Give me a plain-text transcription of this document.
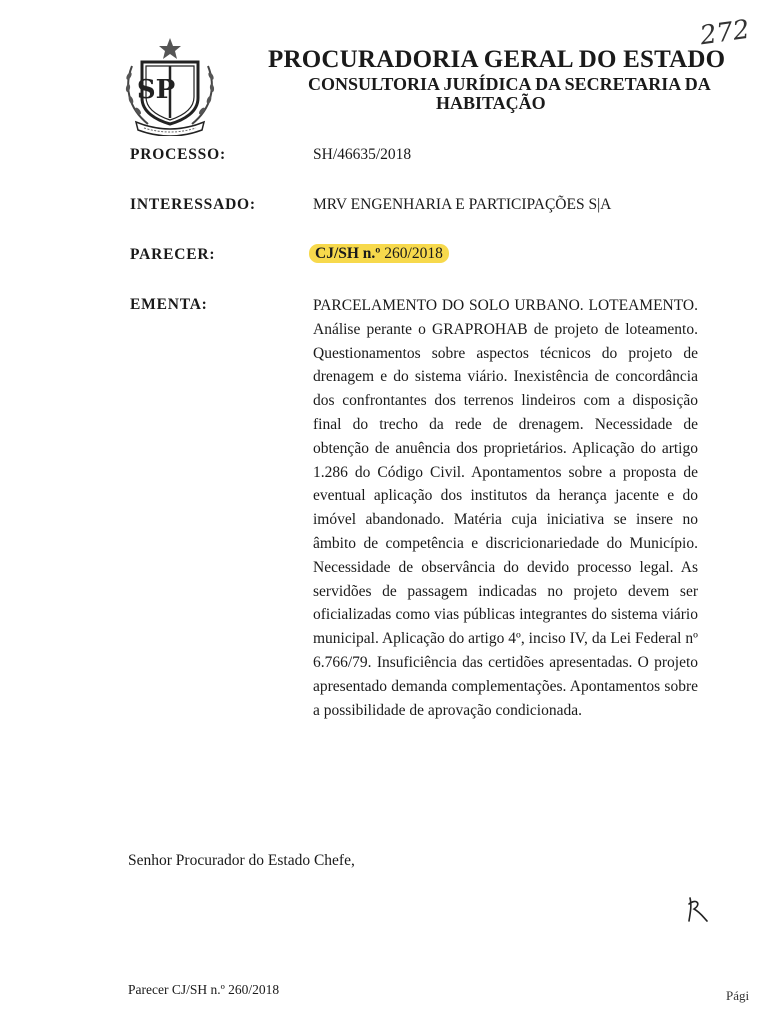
272
SP
PROCURADORIA GERAL DO ESTADO
CONSULTORIA JURÍDICA DA SECRETARIA DA
HABITAÇÃO
PROCESSO:	SH/46635/2018
INTERESSADO:	MRV ENGENHARIA E PARTICIPAÇÕES S|A
PARECER:	CJ/SH n.º 260/2018
EMENTA:	PARCELAMENTO DO SOLO URBANO. LOTEAMENTO. Análise perante o GRAPROHAB de projeto de loteamento. Questionamentos sobre aspectos técnicos do projeto de drenagem e do sistema viário. Inexistência de concordância dos confrontantes dos terrenos lindeiros com a disposição final do trecho da rede de drenagem. Necessidade de obtenção de anuência dos proprietários. Aplicação do artigo 1.286 do Código Civil. Apontamentos sobre a proposta de eventual aplicação dos institutos da herança jacente e do imóvel abandonado. Matéria cuja iniciativa se insere no âmbito de competência e discricionariedade do Município. Necessidade de observância do devido processo legal. As servidões de passagem indicadas no projeto devem ser oficializadas como vias públicas integrantes do sistema viário municipal. Aplicação do artigo 4º, inciso IV, da Lei Federal nº 6.766/79. Insuficiência das certidões apresentadas. O projeto apresentado demanda complementações. Apontamentos sobre a possibilidade de aprovação condicionada.
Senhor Procurador do Estado Chefe,
Parecer CJ/SH n.º 260/2018	Pági
